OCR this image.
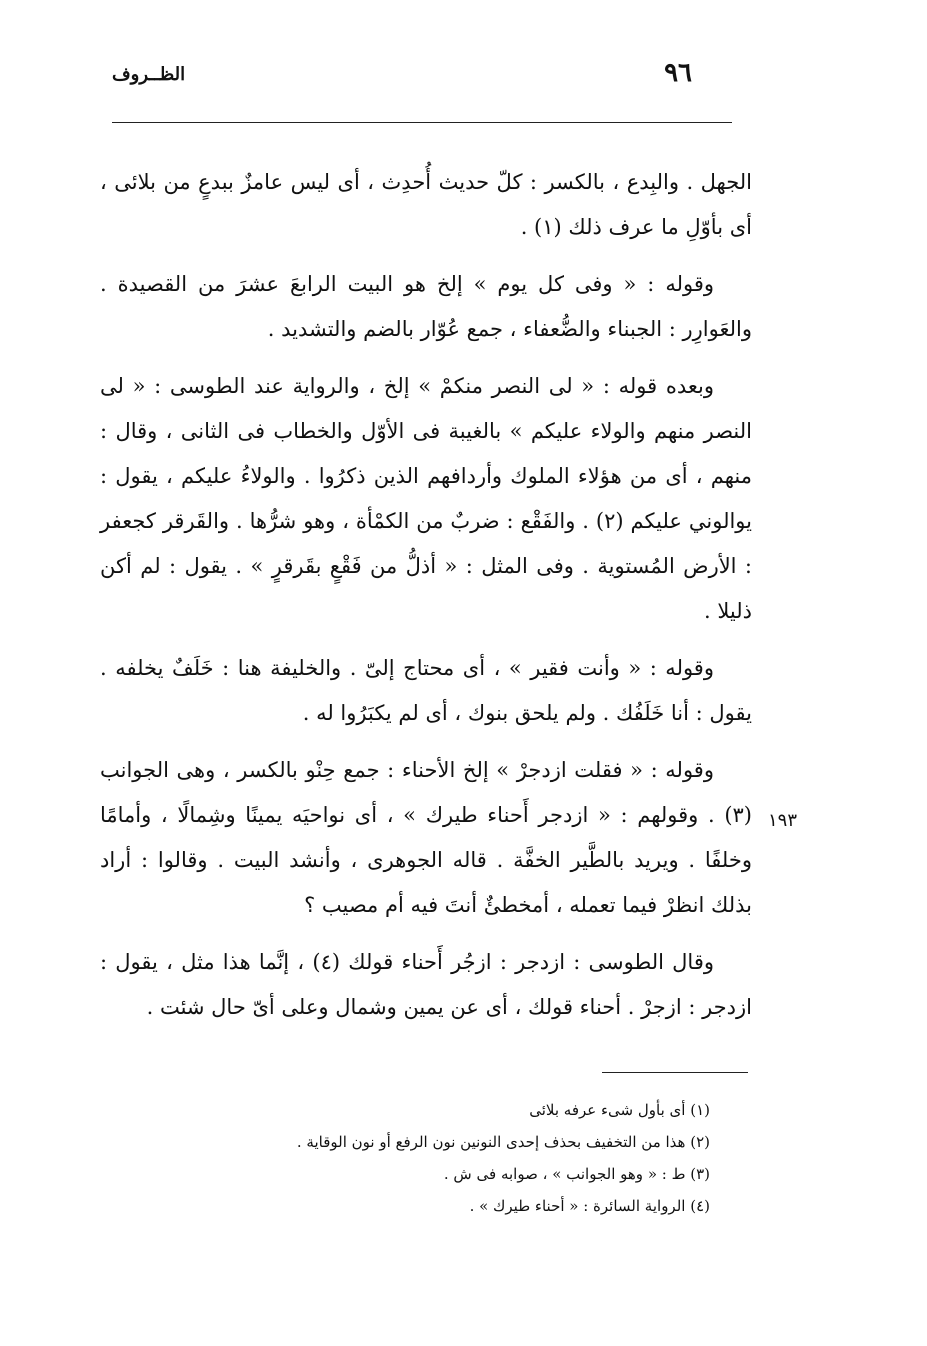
٩٦
الظــروف

الجهل . والبِدع ، بالكسر : كلّ حديث أُحدِث ، أى ليس عامزٌ ببدعٍ من بلائى ، أى بأوّلِ ما عرف ذلك (١) .

وقوله : « وفى كل يوم » إلخ هو البيت الرابعَ عشرَ من القصيدة . والعَوارِر : الجبناء والضُّعفاء ، جمع عُوّار بالضم والتشديد .

وبعده قوله : « لى النصر منكمْ » إلخ ، والرواية عند الطوسى : « لى النصر منهم والولاء عليكم » بالغيبة فى الأوّل والخطاب فى الثانى ، وقال : منهم ، أى من هؤلاء الملوك وأردافهم الذين ذكرُوا . والولاءُ عليكم ، يقول : يوالوني عليكم (٢) . والفَقْع : ضربٌ من الكمْأة ، وهو شرُّها . والقَرقر كجعفر : الأرض المُستوية . وفى المثل : « أذلُّ من فَقْعٍ بقَرقرٍ » . يقول : لم أكن ذليلا .

وقوله : « وأنت فقير » ، أى محتاج إلىّ . والخليفة هنا : خَلَفٌ يخلفه . يقول : أنا خَلَفُك . ولم يلحق بنوك ، أى لم يكبَرُوا له .

وقوله : « فقلت ازدجرْ » إلخ الأحناء : جمع حِنْو بالكسر ، وهى الجوانب (٣) . وقولهم : « ازدجر أَحناء طيرك » ، أى نواحيَه يمينًا وشِمالًا ، وأمامًا وخلفًا . ويريد بالطَّير الخفَّة . قاله الجوهرى ، وأنشد البيت . وقالوا : أراد بذلك انظرْ فيما تعمله ، أمخطئٌ أنتَ فيه أم مصيب ؟

وقال الطوسى : ازدجر : ازجُر أَحناء قولك (٤) ، إنَّما هذا مثل ، يقول : ازدجر : ازجرْ . أحناء قولك ، أى عن يمين وشمال وعلى أىّ حال شئت .

١٩٣

(١) أى بأول شىء عرفه بلائى

(٢) هذا من التخفيف بحذف إحدى النونين نون الرفع أو نون الوقاية .

(٣) ط : « وهو الجوانب » ، صوابه فى ش .

(٤) الرواية السائرة : « أحناء طيرك » .
